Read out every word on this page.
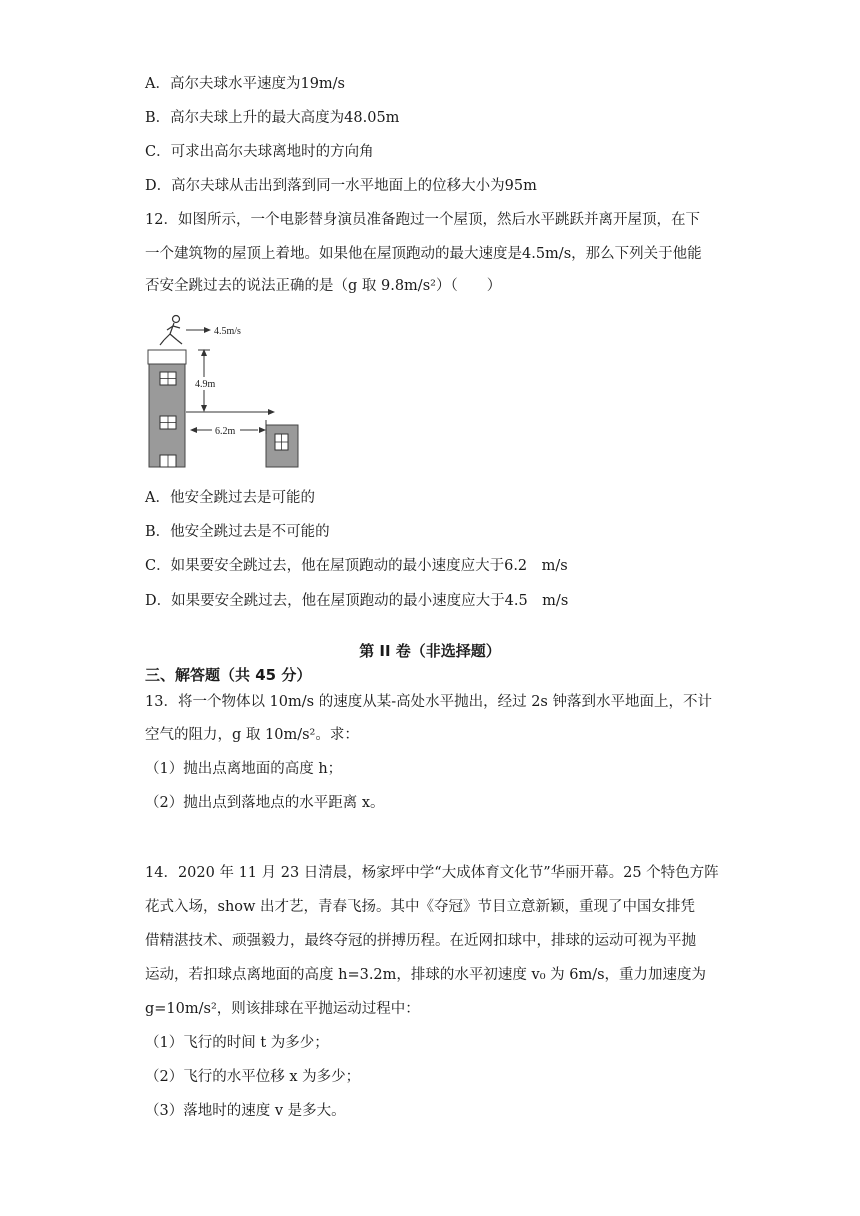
A．高尔夫球水平速度为19m/s
B．高尔夫球上升的最大高度为48.05m
C．可求出高尔夫球离地时的方向角
D．高尔夫球从击出到落到同一水平地面上的位移大小为95m
12．如图所示，一个电影替身演员准备跑过一个屋顶，然后水平跳跃并离开屋顶，在下
一个建筑物的屋顶上着地。如果他在屋顶跑动的最大速度是4.5m/s，那么下列关于他能
否安全跳过去的说法正确的是（g 取 9.8m/s²）（　　）
4.5m/s
4.9m
6.2m
A．他安全跳过去是可能的
B．他安全跳过去是不可能的
C．如果要安全跳过去，他在屋顶跑动的最小速度应大于6.2　m/s
D．如果要安全跳过去，他在屋顶跑动的最小速度应大于4.5　m/s
第 II 卷（非选择题）
三、解答题（共 45 分）
13．将一个物体以 10m/s 的速度从某-高处水平抛出，经过 2s 钟落到水平地面上，不计
空气的阻力，g 取 10m/s²。求：
（1）抛出点离地面的高度 h；
（2）抛出点到落地点的水平距离 x。
14．2020 年 11 月 23 日清晨，杨家坪中学“大成体育文化节”华丽开幕。25 个特色方阵
花式入场，show 出才艺，青春飞扬。其中《夺冠》节目立意新颖，重现了中国女排凭
借精湛技术、顽强毅力，最终夺冠的拼搏历程。在近网扣球中，排球的运动可视为平抛
运动，若扣球点离地面的高度 h=3.2m，排球的水平初速度 v₀ 为 6m/s，重力加速度为
g=10m/s²，则该排球在平抛运动过程中：
（1）飞行的时间 t 为多少；
（2）飞行的水平位移 x 为多少；
（3）落地时的速度 v 是多大。
